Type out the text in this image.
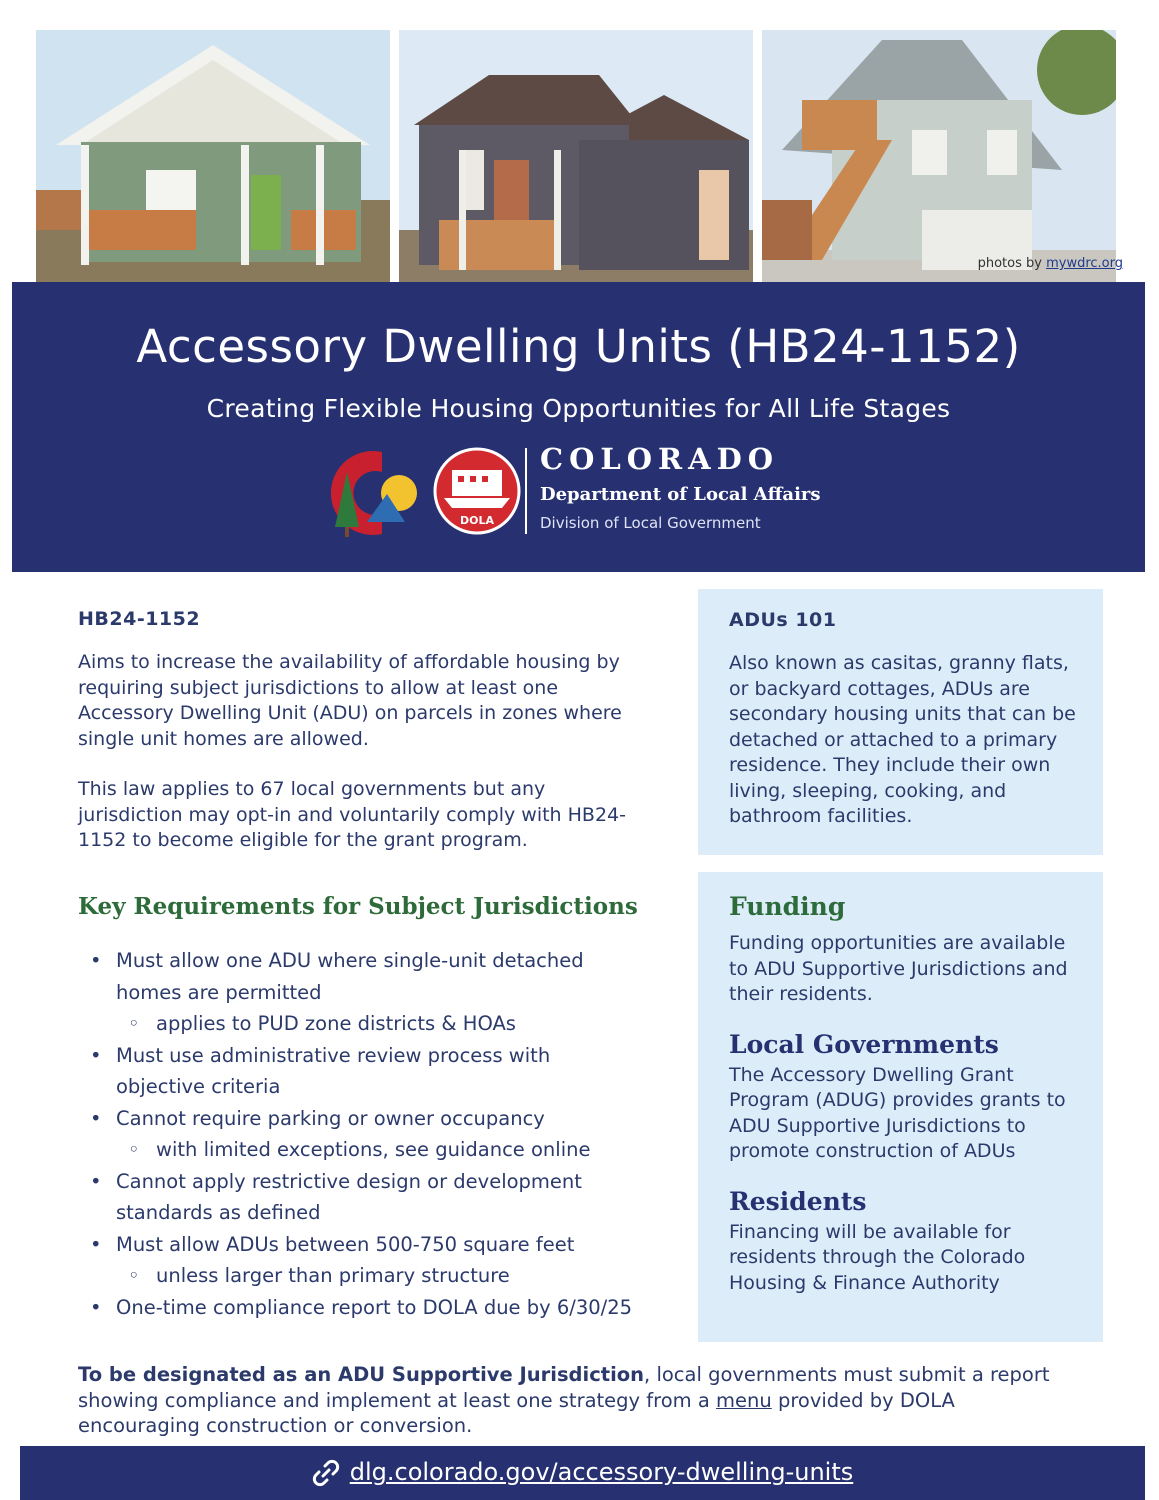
photos by mywdrc.org
Accessory Dwelling Units (HB24-1152)
Creating Flexible Housing Opportunities for All Life Stages
DOLA
COLORADO
Department of Local Affairs
Division of Local Government

HB24-1152

Aims to increase the availability of affordable housing by requiring subject jurisdictions to allow at least one Accessory Dwelling Unit (ADU) on parcels in zones where single unit homes are allowed.

This law applies to 67 local governments but any jurisdiction may opt-in and voluntarily comply with HB24-1152 to become eligible for the grant program.

Key Requirements for Subject Jurisdictions
• Must allow one ADU where single-unit detached homes are permitted
◦ applies to PUD zone districts & HOAs
• Must use administrative review process with objective criteria
• Cannot require parking or owner occupancy
◦ with limited exceptions, see guidance online
• Cannot apply restrictive design or development standards as defined
• Must allow ADUs between 500-750 square feet
◦ unless larger than primary structure
• One-time compliance report to DOLA due by 6/30/25
ADUs 101

Also known as casitas, granny flats, or backyard cottages, ADUs are secondary housing units that can be detached or attached to a primary residence. They include their own living, sleeping, cooking, and bathroom facilities.

Funding

Funding opportunities are available to ADU Supportive Jurisdictions and their residents.

Local Governments

The Accessory Dwelling Grant Program (ADUG) provides grants to ADU Supportive Jurisdictions to promote construction of ADUs

Residents

Financing will be available for residents through the Colorado Housing & Finance Authority

To be designated as an ADU Supportive Jurisdiction, local governments must submit a report showing compliance and implement at least one strategy from a menu provided by DOLA encouraging construction or conversion.

dlg.colorado.gov/accessory-dwelling-units
